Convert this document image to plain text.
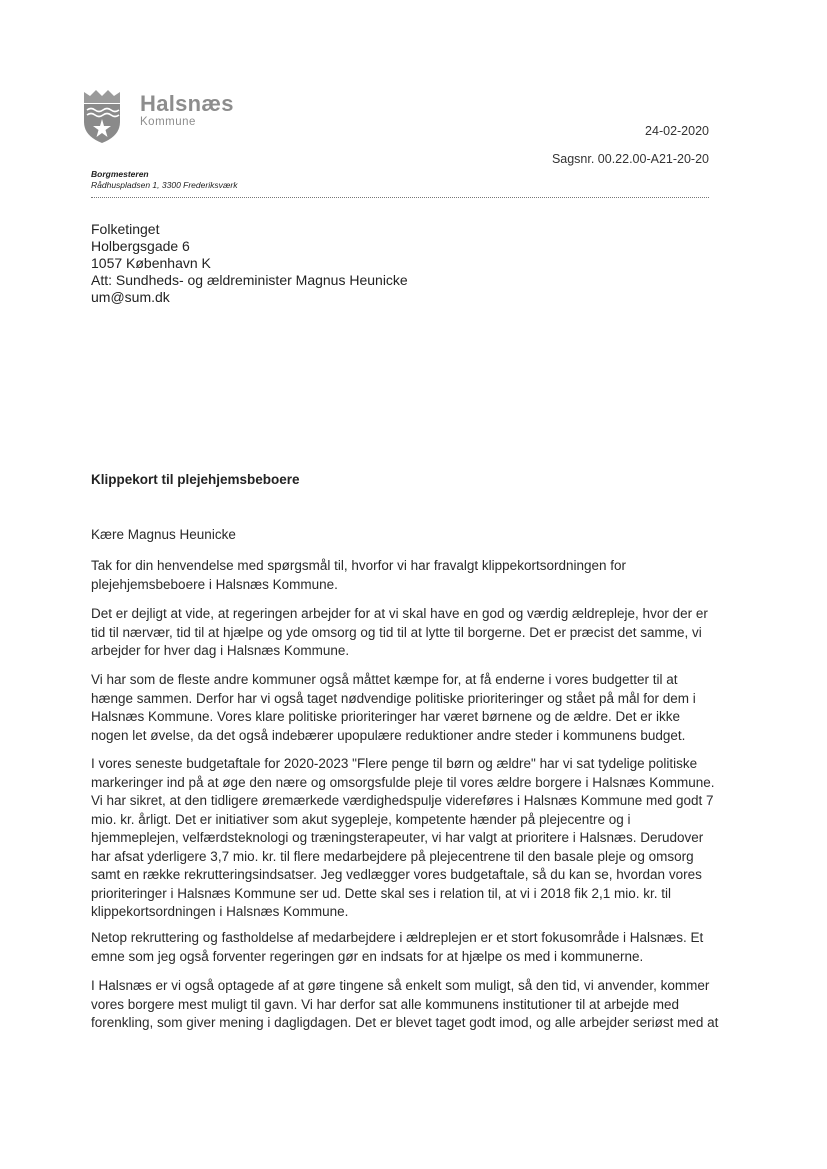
Halsnæs
Kommune
24-02-2020
Sagsnr. 00.22.00-A21-20-20
Borgmesteren
Rådhuspladsen 1, 3300 Frederiksværk
Folketinget
Holbergsgade 6
1057 København K
Att: Sundheds- og ældreminister Magnus Heunicke
um@sum.dk
Klippekort til plejehjemsbeboere
Kære Magnus Heunicke
Tak for din henvendelse med spørgsmål til, hvorfor vi har fravalgt klippekortsordningen for
plejehjemsbeboere i Halsnæs Kommune.
Det er dejligt at vide, at regeringen arbejder for at vi skal have en god og værdig ældrepleje, hvor der er
tid til nærvær, tid til at hjælpe og yde omsorg og tid til at lytte til borgerne. Det er præcist det samme, vi
arbejder for hver dag i Halsnæs Kommune.
Vi har som de fleste andre kommuner også måttet kæmpe for, at få enderne i vores budgetter til at
hænge sammen. Derfor har vi også taget nødvendige politiske prioriteringer og stået på mål for dem i
Halsnæs Kommune. Vores klare politiske prioriteringer har været børnene og de ældre. Det er ikke
nogen let øvelse, da det også indebærer upopulære reduktioner andre steder i kommunens budget.
I vores seneste budgetaftale for 2020-2023 "Flere penge til børn og ældre" har vi sat tydelige politiske
markeringer ind på at øge den nære og omsorgsfulde pleje til vores ældre borgere i Halsnæs Kommune.
Vi har sikret, at den tidligere øremærkede værdighedspulje videreføres i Halsnæs Kommune med godt 7
mio. kr. årligt. Det er initiativer som akut sygepleje, kompetente hænder på plejecentre og i
hjemmeplejen, velfærdsteknologi og træningsterapeuter, vi har valgt at prioritere i Halsnæs. Derudover
har afsat yderligere 3,7 mio. kr. til flere medarbejdere på plejecentrene til den basale pleje og omsorg
samt en række rekrutteringsindsatser. Jeg vedlægger vores budgetaftale, så du kan se, hvordan vores
prioriteringer i Halsnæs Kommune ser ud. Dette skal ses i relation til, at vi i 2018 fik 2,1 mio. kr. til
klippekortsordningen i Halsnæs Kommune.
Netop rekruttering og fastholdelse af medarbejdere i ældreplejen er et stort fokusområde i Halsnæs. Et
emne som jeg også forventer regeringen gør en indsats for at hjælpe os med i kommunerne.
I Halsnæs er vi også optagede af at gøre tingene så enkelt som muligt, så den tid, vi anvender, kommer
vores borgere mest muligt til gavn. Vi har derfor sat alle kommunens institutioner til at arbejde med
forenkling, som giver mening i dagligdagen. Det er blevet taget godt imod, og alle arbejder seriøst med at
